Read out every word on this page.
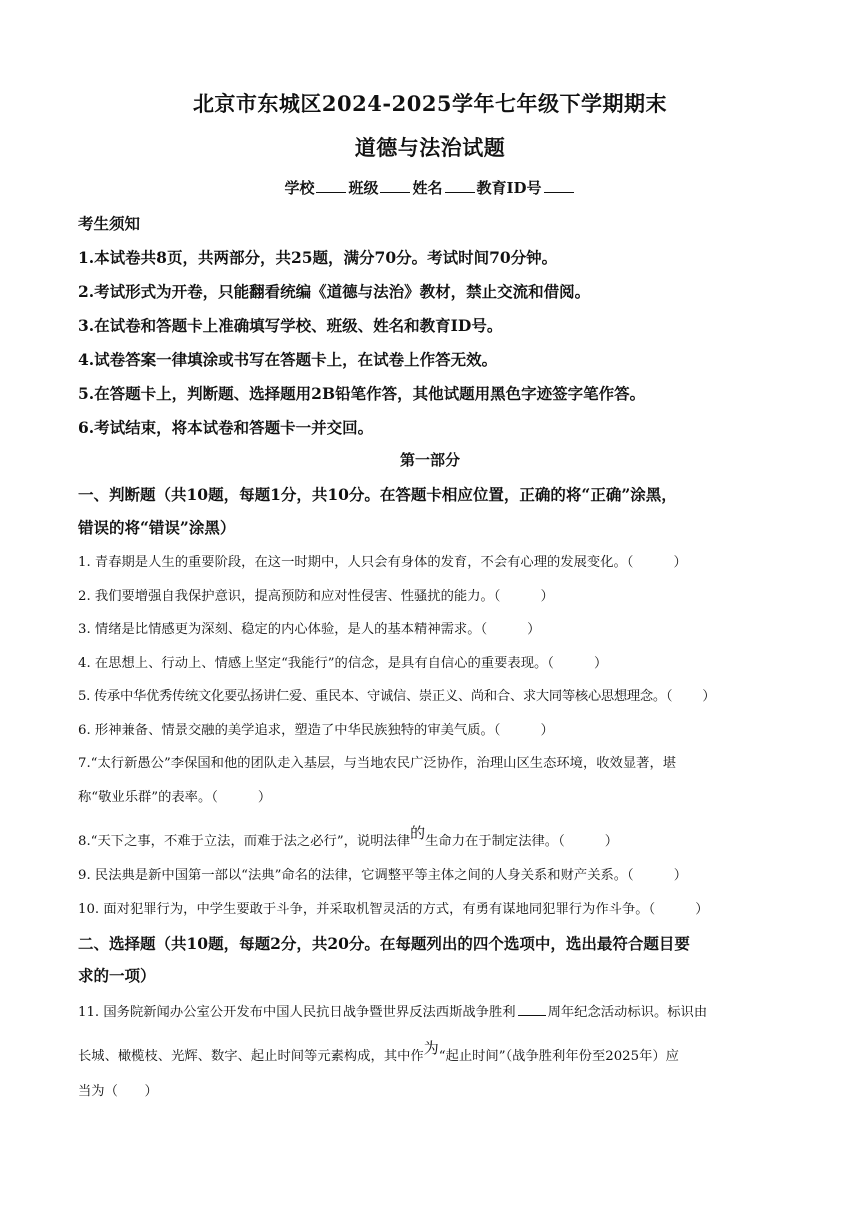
北京市东城区2024-2025学年七年级下学期期末
道德与法治试题
学校 班级 姓名 教育ID号
考生须知
1.本试卷共8页，共两部分，共25题，满分70分。考试时间70分钟。
2.考试形式为开卷，只能翻看统编《道德与法治》教材，禁止交流和借阅。
3.在试卷和答题卡上准确填写学校、班级、姓名和教育ID号。
4.试卷答案一律填涂或书写在答题卡上，在试卷上作答无效。
5.在答题卡上，判断题、选择题用2B铅笔作答，其他试题用黑色字迹签字笔作答。
6.考试结束，将本试卷和答题卡一并交回。
第一部分
一、判断题（共10题，每题1分，共10分。在答题卡相应位置，正确的将“正确”涂黑，
错误的将“错误”涂黑）
1. 青春期是人生的重要阶段，在这一时期中，人只会有身体的发育，不会有心理的发展变化。（	）
2. 我们要增强自我保护意识，提高预防和应对性侵害、性骚扰的能力。（	）
3. 情绪是比情感更为深刻、稳定的内心体验，是人的基本精神需求。（	）
4. 在思想上、行动上、情感上坚定“我能行”的信念，是具有自信心的重要表现。（	）
5. 传承中华优秀传统文化要弘扬讲仁爱、重民本、守诚信、崇正义、尚和合、求大同等核心思想理念。（ ）
6. 形神兼备、情景交融的美学追求，塑造了中华民族独特的审美气质。（	）
7.“太行新愚公”李保国和他的团队走入基层，与当地农民广泛协作，治理山区生态环境，收效显著，堪
称“敬业乐群”的表率。（	）
8.“天下之事，不难于立法，而难于法之必行”，说明法律的生命力在于制定法律。（	）
9. 民法典是新中国第一部以“法典”命名的法律，它调整平等主体之间的人身关系和财产关系。（	）
10. 面对犯罪行为，中学生要敢于斗争，并采取机智灵活的方式，有勇有谋地同犯罪行为作斗争。（	）
二、选择题（共10题，每题2分，共20分。在每题列出的四个选项中，选出最符合题目要
求的一项）
11. 国务院新闻办公室公开发布中国人民抗日战争暨世界反法西斯战争胜利 周年纪念活动标识。标识由
长城、橄榄枝、光辉、数字、起止时间等元素构成，其中作为“起止时间”（战争胜利年份至2025年）应
当为（　　）
